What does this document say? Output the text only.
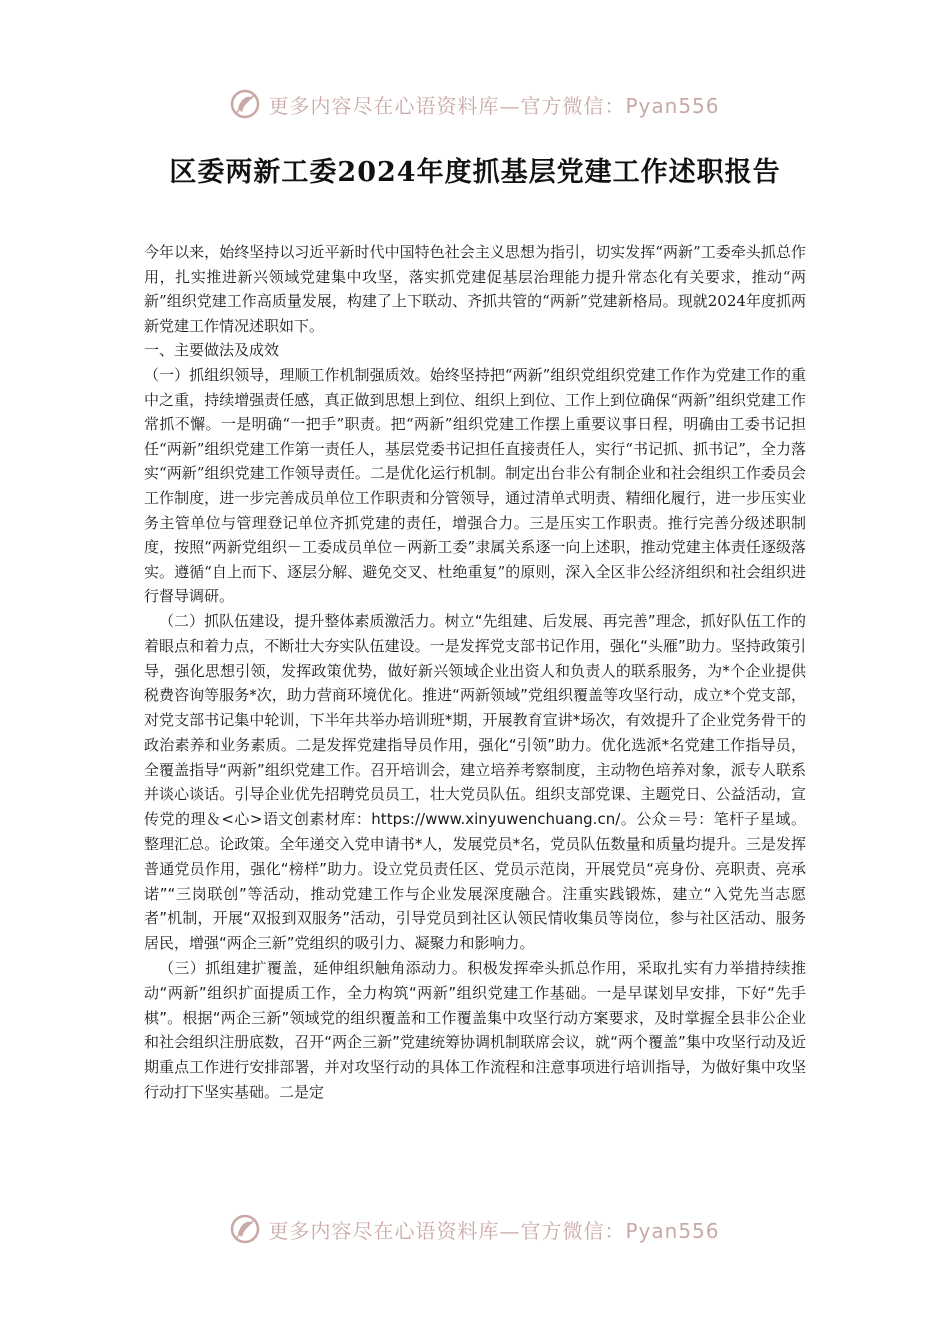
更多内容尽在心语资料库—官方微信：Pyan556
区委两新工委2024年度抓基层党建工作述职报告

今年以来，始终坚持以习近平新时代中国特色社会主义思想为指引，切实发挥“两新”工委牵头抓总作用，扎实推进新兴领域党建集中攻坚，落实抓党建促基层治理能力提升常态化有关要求，推动“两新”组织党建工作高质量发展，构建了上下联动、齐抓共管的“两新”党建新格局。现就2024年度抓两新党建工作情况述职如下。

一、主要做法及成效

（一）抓组织领导，理顺工作机制强质效。始终坚持把“两新”组织党组织党建工作作为党建工作的重中之重，持续增强责任感，真正做到思想上到位、组织上到位、工作上到位确保“两新”组织党建工作常抓不懈。一是明确“一把手”职责。把“两新”组织党建工作摆上重要议事日程，明确由工委书记担任“两新”组织党建工作第一责任人，基层党委书记担任直接责任人，实行“书记抓、抓书记”，全力落实“两新”组织党建工作领导责任。二是优化运行机制。制定出台非公有制企业和社会组织工作委员会工作制度，进一步完善成员单位工作职责和分管领导，通过清单式明责、精细化履行，进一步压实业务主管单位与管理登记单位齐抓党建的责任，增强合力。三是压实工作职责。推行完善分级述职制度，按照“两新党组织－工委成员单位－两新工委”隶属关系逐一向上述职，推动党建主体责任逐级落实。遵循“自上而下、逐层分解、避免交叉、杜绝重复”的原则，深入全区非公经济组织和社会组织进行督导调研。

（二）抓队伍建设，提升整体素质激活力。树立“先组建、后发展、再完善”理念，抓好队伍工作的着眼点和着力点，不断壮大夯实队伍建设。一是发挥党支部书记作用，强化“头雁”助力。坚持政策引导，强化思想引领，发挥政策优势，做好新兴领域企业出资人和负责人的联系服务，为*个企业提供税费咨询等服务*次，助力营商环境优化。推进“两新领域”党组织覆盖等攻坚行动，成立*个党支部，对党支部书记集中轮训，下半年共举办培训班*期，开展教育宣讲*场次，有效提升了企业党务骨干的政治素养和业务素质。二是发挥党建指导员作用，强化“引领”助力。优化选派*名党建工作指导员，全覆盖指导“两新”组织党建工作。召开培训会，建立培养考察制度，主动物色培养对象，派专人联系并谈心谈话。引导企业优先招聘党员员工，壮大党员队伍。组织支部党课、主题党日、公益活动，宣传党的理＆<心>语文创素材库：https://www.xinyuwenchuang.cn/。公众＝号：笔杆子星域。整理汇总。论政策。全年递交入党申请书*人，发展党员*名，党员队伍数量和质量均提升。三是发挥普通党员作用，强化“榜样”助力。设立党员责任区、党员示范岗，开展党员“亮身份、亮职责、亮承诺”“三岗联创”等活动，推动党建工作与企业发展深度融合。注重实践锻炼，建立“入党先当志愿者”机制，开展“双报到双服务”活动，引导党员到社区认领民情收集员等岗位，参与社区活动、服务居民，增强“两企三新”党组织的吸引力、凝聚力和影响力。

（三）抓组建扩覆盖，延伸组织触角添动力。积极发挥牵头抓总作用，采取扎实有力举措持续推动“两新”组织扩面提质工作，全力构筑“两新”组织党建工作基础。一是早谋划早安排，下好“先手棋”。根据“两企三新”领域党的组织覆盖和工作覆盖集中攻坚行动方案要求，及时掌握全县非公企业和社会组织注册底数，召开“两企三新”党建统筹协调机制联席会议，就“两个覆盖”集中攻坚行动及近期重点工作进行安排部署，并对攻坚行动的具体工作流程和注意事项进行培训指导，为做好集中攻坚行动打下坚实基础。二是定

更多内容尽在心语资料库—官方微信：Pyan556
